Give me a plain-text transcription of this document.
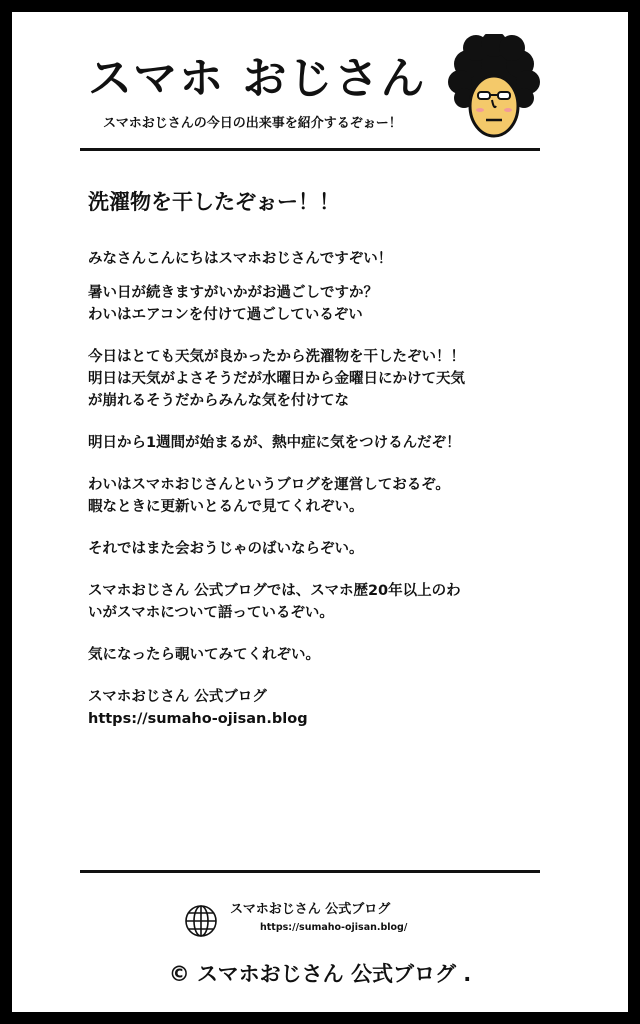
スマホ おじさん
スマホおじさんの今日の出来事を紹介するぞぉー！
洗濯物を干したぞぉー！！

みなさんこんにちはスマホおじさんですぞい！

暑い日が続きますがいかがお過ごしですか？
わいはエアコンを付けて過ごしているぞい

今日はとても天気が良かったから洗濯物を干したぞい！！
明日は天気がよさそうだが水曜日から金曜日にかけて天気
が崩れるそうだからみんな気を付けてな

明日から1週間が始まるが、熱中症に気をつけるんだぞ！

わいはスマホおじさんというブログを運営しておるぞ。
暇なときに更新いとるんで見てくれぞい。

それではまた会おうじゃのばいならぞい。

スマホおじさん 公式ブログでは、スマホ歴20年以上のわ
いがスマホについて語っているぞい。

気になったら覗いてみてくれぞい。

スマホおじさん 公式ブログ
https://sumaho-ojisan.blog

スマホおじさん 公式ブログ
https://sumaho-ojisan.blog/
© スマホおじさん 公式ブログ .
